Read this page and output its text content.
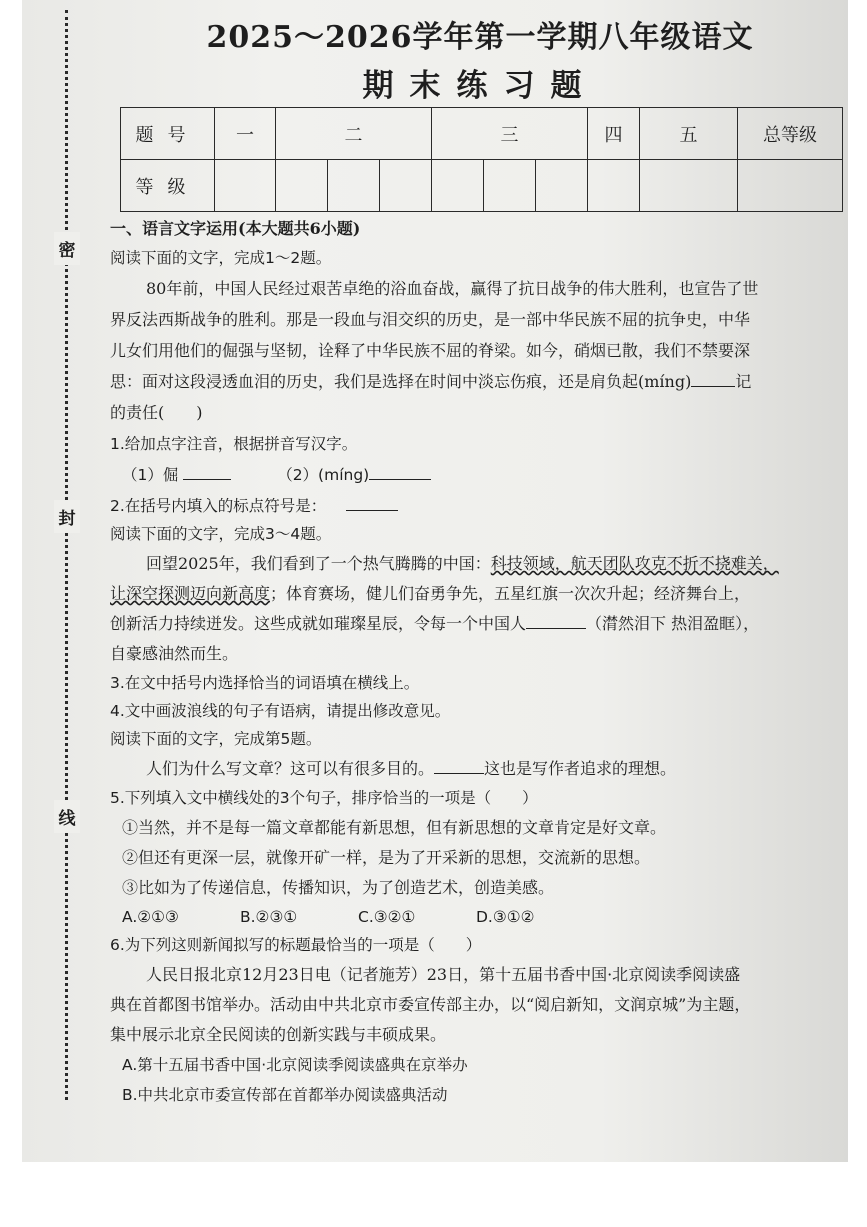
密
封
线
2025～2026学年第一学期八年级语文
期末练习题
题号	一	二			三			四	五	总等级
等级										
一、语言文字运用(本大题共6小题)
阅读下面的文字，完成1～2题。
80年前，中国人民经过艰苦卓绝的浴血奋战，赢得了抗日战争的伟大胜利，也宣告了世
界反法西斯战争的胜利。那是一段血与泪交织的历史，是一部中华民族不屈的抗争史，中华
儿女们用他们的倔强与坚韧，诠释了中华民族不屈的脊梁。如今，硝烟已散，我们不禁要深
思：面对这段浸透血泪的历史，我们是选择在时间中淡忘伤痕，还是肩负起(míng)	记
的责任(　　)
1.给加点字注音，根据拼音写汉字。
（1）倔	（2）(míng)
2.在括号内填入的标点符号是：
阅读下面的文字，完成3～4题。
回望2025年，我们看到了一个热气腾腾的中国：科技领域，航天团队攻克不折不挠难关，
让深空探测迈向新高度；体育赛场，健儿们奋勇争先，五星红旗一次次升起；经济舞台上，
创新活力持续迸发。这些成就如璀璨星辰，令每一个中国人	（潸然泪下 热泪盈眶），
自豪感油然而生。
3.在文中括号内选择恰当的词语填在横线上。
4.文中画波浪线的句子有语病，请提出修改意见。
阅读下面的文字，完成第5题。
人们为什么写文章？这可以有很多目的。	这也是写作者追求的理想。
5.下列填入文中横线处的3个句子，排序恰当的一项是（　　）
①当然，并不是每一篇文章都能有新思想，但有新思想的文章肯定是好文章。
②但还有更深一层，就像开矿一样，是为了开采新的思想，交流新的思想。
③比如为了传递信息，传播知识，为了创造艺术，创造美感。
A.②①③	B.②③①	C.③②①	D.③①②
6.为下列这则新闻拟写的标题最恰当的一项是（　　）
人民日报北京12月23日电（记者施芳）23日，第十五届书香中国·北京阅读季阅读盛
典在首都图书馆举办。活动由中共北京市委宣传部主办，以“阅启新知，文润京城”为主题，
集中展示北京全民阅读的创新实践与丰硕成果。
A.第十五届书香中国·北京阅读季阅读盛典在京举办
B.中共北京市委宣传部在首都举办阅读盛典活动
